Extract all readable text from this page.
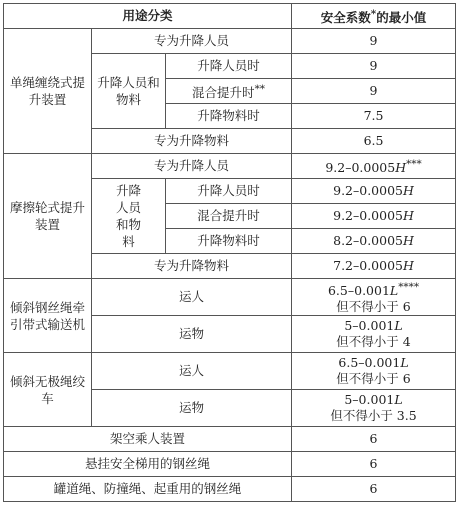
用途分类			安全系数*的最小值
单绳缠绕式提升装置	专为升降人员		9
	升降人员和物料	升降人员时	9
		混合提升时**	9
		升降物料时	7.5
	专为升降物料		6.5
摩擦轮式提升装置	专为升降人员		9.2–0.0005H***
	升降人员和物料	升降人员时	9.2–0.0005H
		混合提升时	9.2–0.0005H
		升降物料时	8.2–0.0005H
	专为升降物料		7.2–0.0005H
倾斜钢丝绳牵引带式输送机	运人		6.5–0.001L****
但不得小于 6
	运物		5–0.001L
但不得小于 4
倾斜无极绳绞车	运人		6.5–0.001L
但不得小于 6
	运物		5–0.001L
但不得小于 3.5
架空乘人装置			6
悬挂安全梯用的钢丝绳			6
罐道绳、防撞绳、起重用的钢丝绳			6
